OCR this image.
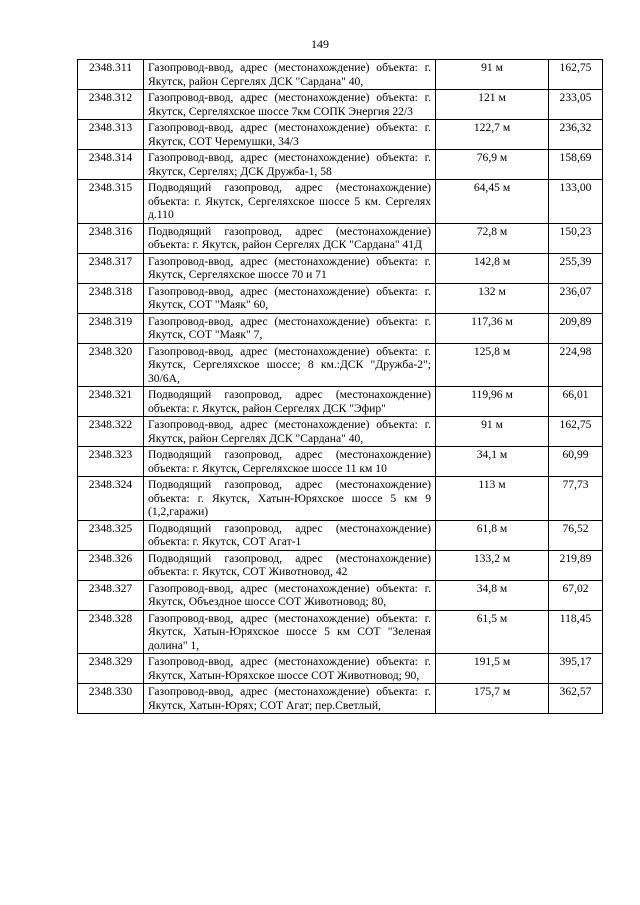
149
2348.311	Газопровод-ввод, адрес (местонахождение) объекта: г. Якутск, район Сергелях ДСК "Сардана" 40,	91 м	162,75
2348.312	Газопровод-ввод, адрес (местонахождение) объекта: г. Якутск, Сергеляхское шоссе 7км СОПК Энергия 22/3	121 м	233,05
2348.313	Газопровод-ввод, адрес (местонахождение) объекта: г. Якутск, СОТ Черемушки, 34/3	122,7 м	236,32
2348.314	Газопровод-ввод, адрес (местонахождение) объекта: г. Якутск, Сергелях; ДСК Дружба-1, 58	76,9 м	158,69
2348.315	Подводящий газопровод, адрес (местонахождение) объекта: г. Якутск, Сергеляхское шоссе 5 км. Сергелях д.110	64,45 м	133,00
2348.316	Подводящий газопровод, адрес (местонахождение) объекта: г. Якутск, район Сергелях ДСК "Сардана" 41Д	72,8 м	150,23
2348.317	Газопровод-ввод, адрес (местонахождение) объекта: г. Якутск, Сергеляхское шоссе 70 и 71	142,8 м	255,39
2348.318	Газопровод-ввод, адрес (местонахождение) объекта: г. Якутск, СОТ "Маяк" 60,	132 м	236,07
2348.319	Газопровод-ввод, адрес (местонахождение) объекта: г. Якутск, СОТ "Маяк" 7,	117,36 м	209,89
2348.320	Газопровод-ввод, адрес (местонахождение) объекта: г. Якутск, Сергеляхское шоссе; 8 км.:ДСК "Дружба-2"; 30/6А,	125,8 м	224,98
2348.321	Подводящий газопровод, адрес (местонахождение) объекта: г. Якутск, район Сергелях ДСК "Эфир"	119,96 м	66,01
2348.322	Газопровод-ввод, адрес (местонахождение) объекта: г. Якутск, район Сергелях ДСК "Сардана" 40,	91 м	162,75
2348.323	Подводящий газопровод, адрес (местонахождение) объекта: г. Якутск, Сергеляхское шоссе 11 км 10	34,1 м	60,99
2348.324	Подводящий газопровод, адрес (местонахождение) объекта: г. Якутск, Хатын-Юряхское шоссе 5 км 9 (1,2,гаражи)	113 м	77,73
2348.325	Подводящий газопровод, адрес (местонахождение) объекта: г. Якутск, СОТ Агат-1	61,8 м	76,52
2348.326	Подводящий газопровод, адрес (местонахождение) объекта: г. Якутск, СОТ Животновод, 42	133,2 м	219,89
2348.327	Газопровод-ввод, адрес (местонахождение) объекта: г. Якутск, Объездное шоссе СОТ Животновод; 80,	34,8 м	67,02
2348.328	Газопровод-ввод, адрес (местонахождение) объекта: г. Якутск, Хатын-Юряхское шоссе 5 км СОТ "Зеленая долина" 1,	61,5 м	118,45
2348.329	Газопровод-ввод, адрес (местонахождение) объекта: г. Якутск, Хатын-Юряхское шоссе СОТ Животновод; 90,	191,5 м	395,17
2348.330	Газопровод-ввод, адрес (местонахождение) объекта: г. Якутск, Хатын-Юрях; СОТ Агат; пер.Светлый,	175,7 м	362,57
